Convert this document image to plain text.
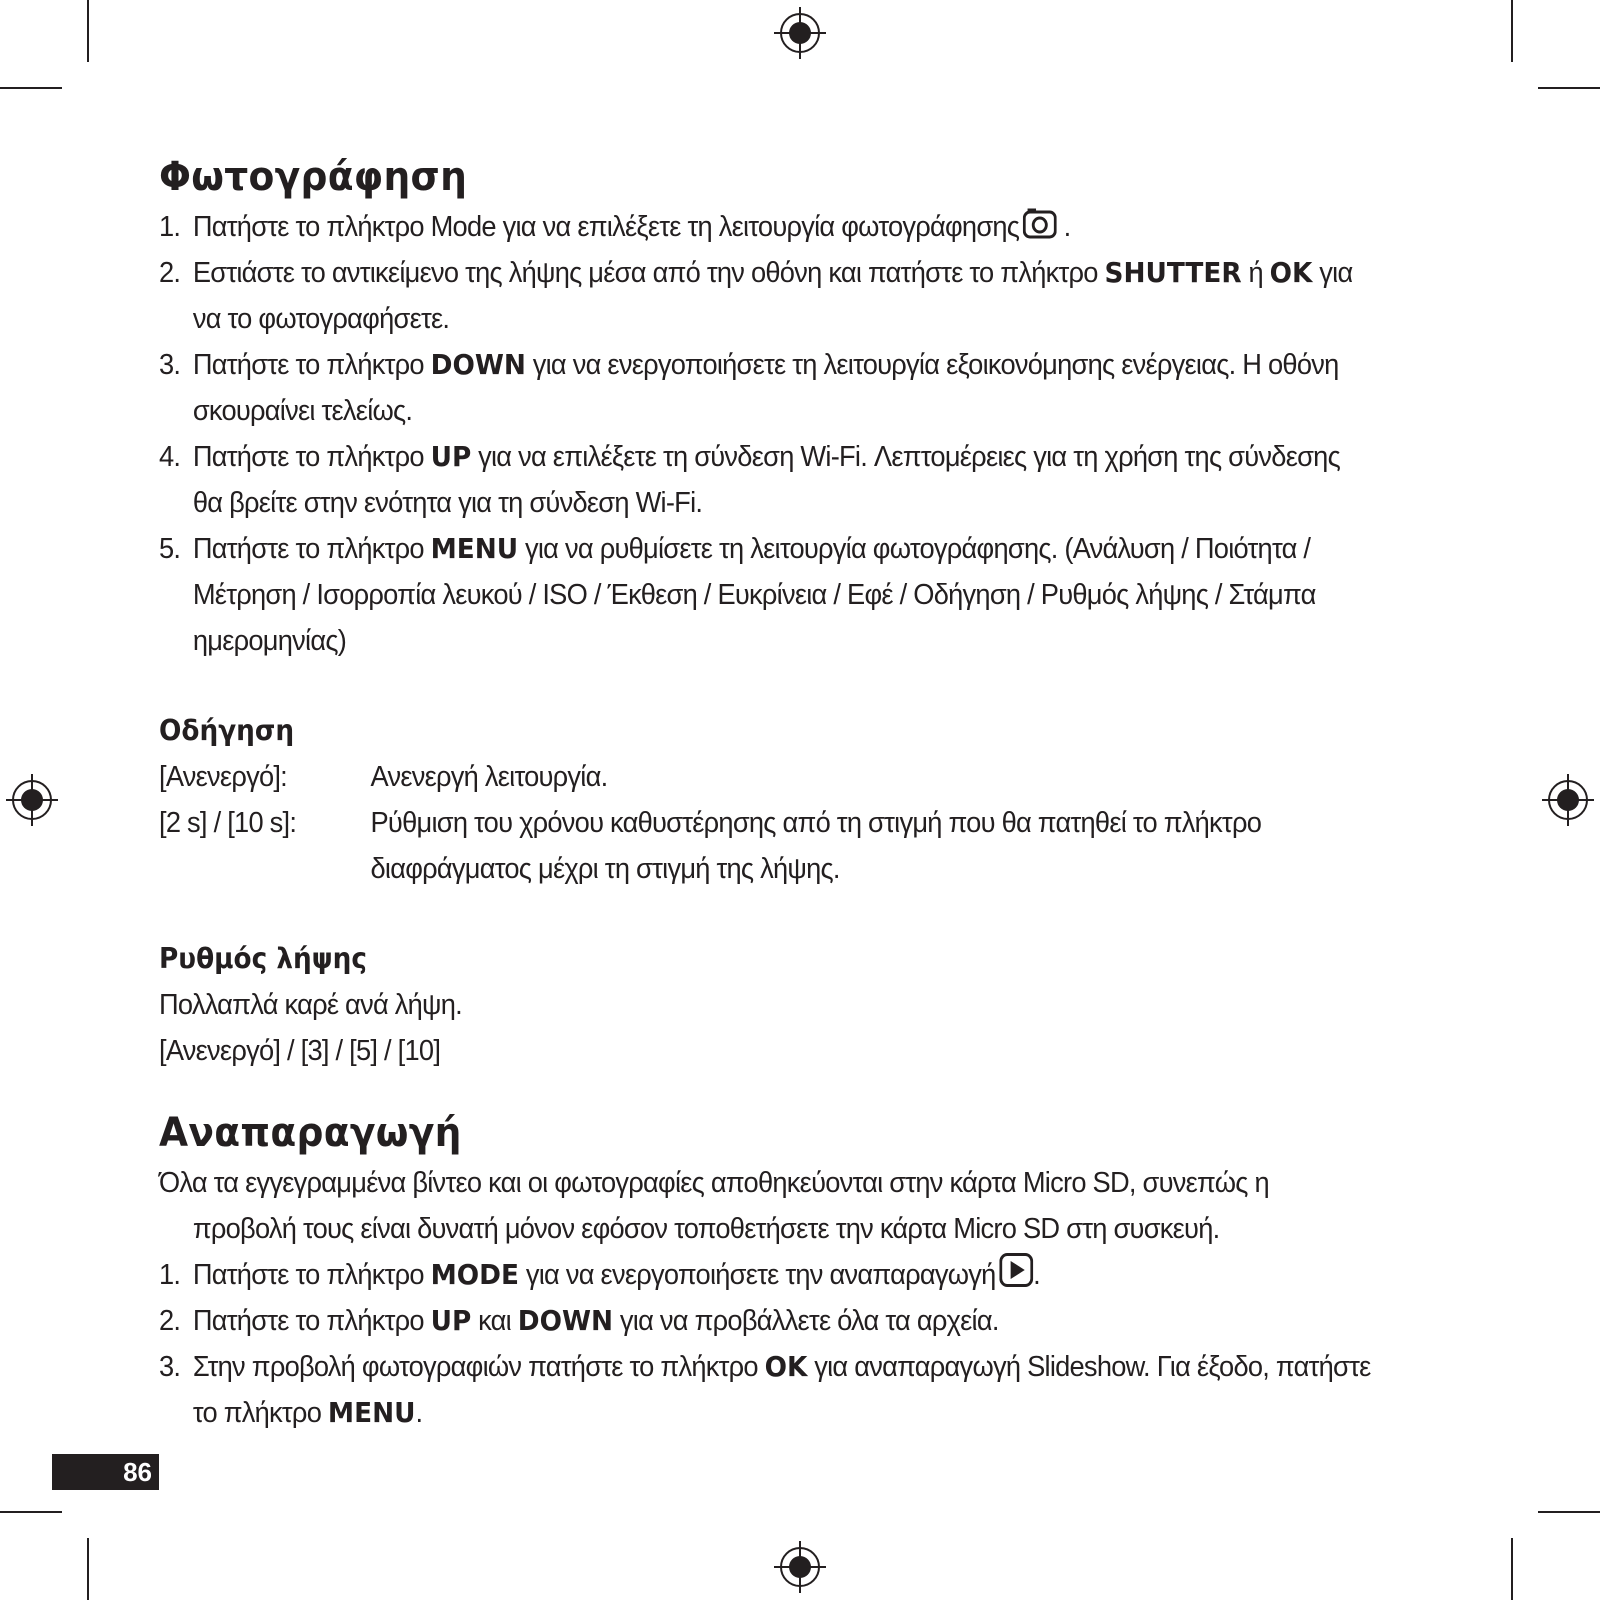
Φωτογράφηση
1. Πατήστε το πλήκτρο Mode για να επιλέξετε τη λειτουργία φωτογράφησης .
2. Εστιάστε το αντικείμενο της λήψης μέσα από την οθόνη και πατήστε το πλήκτρο SHUTTER ή OK για να το φωτογραφήσετε.
3. Πατήστε το πλήκτρο DOWN για να ενεργοποιήσετε τη λειτουργία εξοικονόμησης ενέργειας. Η οθόνη σκουραίνει τελείως.
4. Πατήστε το πλήκτρο UP για να επιλέξετε τη σύνδεση Wi-Fi. Λεπτομέρειες για τη χρήση της σύνδεσης θα βρείτε στην ενότητα για τη σύνδεση Wi-Fi.
5. Πατήστε το πλήκτρο MENU για να ρυθμίσετε τη λειτουργία φωτογράφησης. (Ανάλυση / Ποιότητα / Μέτρηση / Ισορροπία λευκού / ISO / Έκθεση / Ευκρίνεια / Εφέ / Οδήγηση / Ρυθμός λήψης / Στάμπα ημερομηνίας)
Οδήγηση
[Ανενεργό]:	Ανενεργή λειτουργία.
[2 s] / [10 s]:	Ρύθμιση του χρόνου καθυστέρησης από τη στιγμή που θα πατηθεί το πλήκτρο διαφράγματος μέχρι τη στιγμή της λήψης.
Ρυθμός λήψης
Πολλαπλά καρέ ανά λήψη.
[Ανενεργό] / [3] / [5] / [10]
Αναπαραγωγή
Όλα τα εγγεγραμμένα βίντεο και οι φωτογραφίες αποθηκεύονται στην κάρτα Micro SD, συνεπώς η προβολή τους είναι δυνατή μόνον εφόσον τοποθετήσετε την κάρτα Micro SD στη συσκευή.
1. Πατήστε το πλήκτρο MODE για να ενεργοποιήσετε την αναπαραγωγή .
2. Πατήστε το πλήκτρο UP και DOWN για να προβάλλετε όλα τα αρχεία.
3. Στην προβολή φωτογραφιών πατήστε το πλήκτρο OK για αναπαραγωγή Slideshow. Για έξοδο, πατήστε το πλήκτρο MENU.
86
